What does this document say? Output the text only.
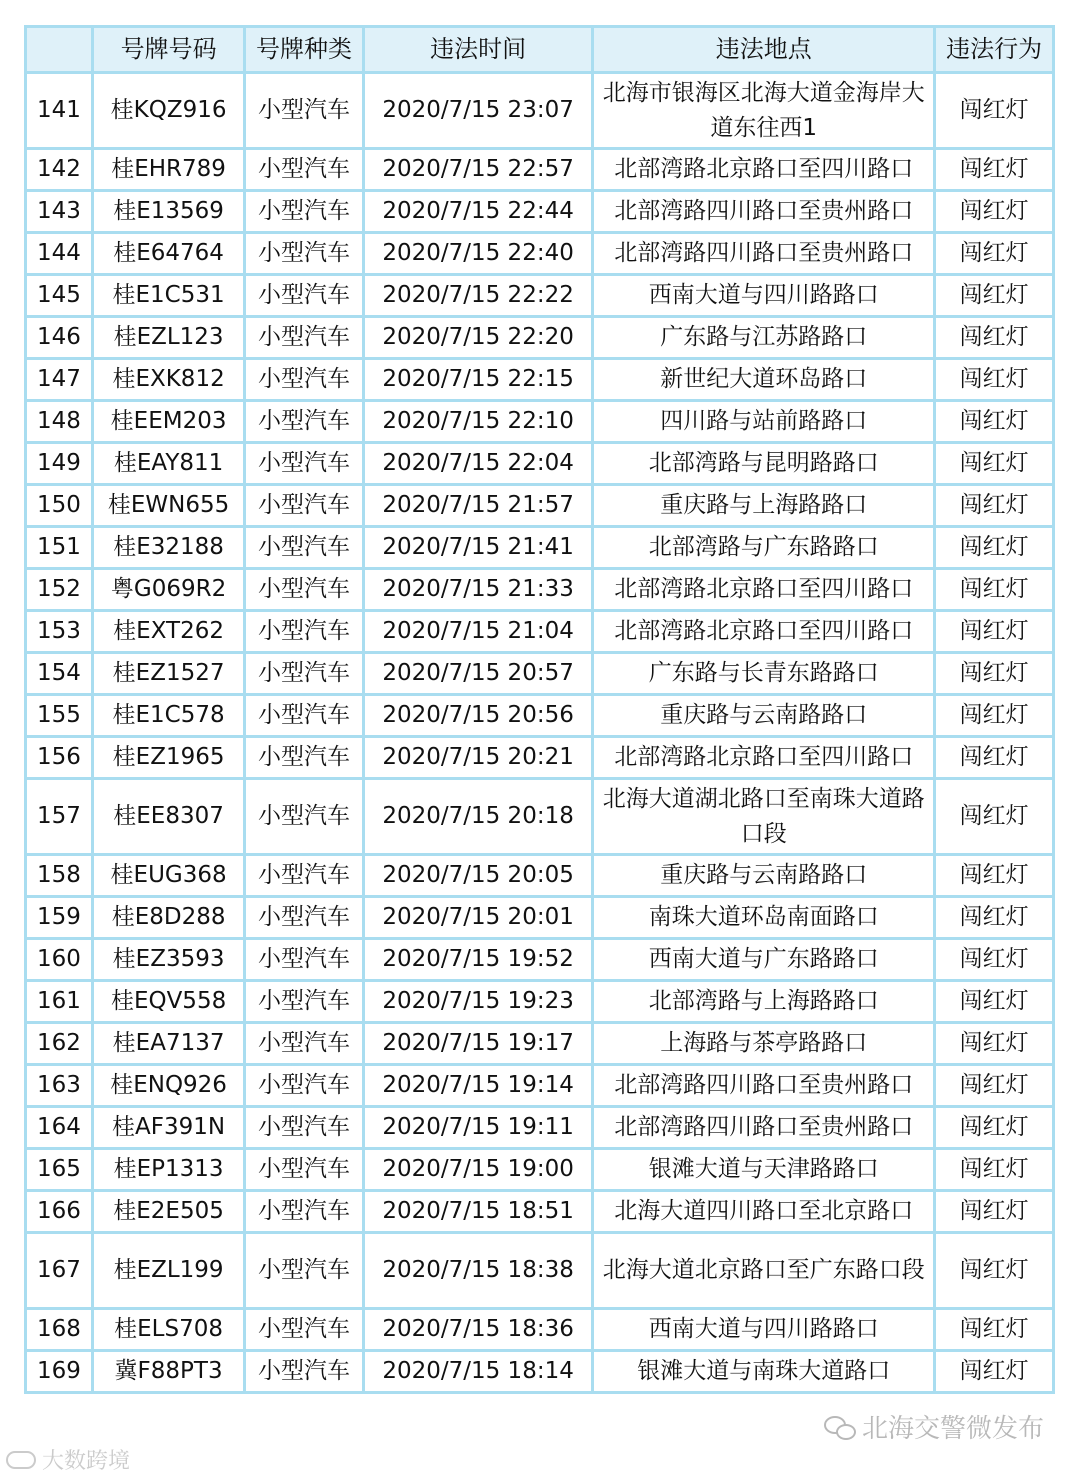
	号牌号码	号牌种类	违法时间	违法地点	违法行为
141	桂KQZ916	小型汽车	2020/7/15 23:07	北海市银海区北海大道金海岸大道东往西1	闯红灯
142	桂EHR789	小型汽车	2020/7/15 22:57	北部湾路北京路口至四川路口	闯红灯
143	桂E13569	小型汽车	2020/7/15 22:44	北部湾路四川路口至贵州路口	闯红灯
144	桂E64764	小型汽车	2020/7/15 22:40	北部湾路四川路口至贵州路口	闯红灯
145	桂E1C531	小型汽车	2020/7/15 22:22	西南大道与四川路路口	闯红灯
146	桂EZL123	小型汽车	2020/7/15 22:20	广东路与江苏路路口	闯红灯
147	桂EXK812	小型汽车	2020/7/15 22:15	新世纪大道环岛路口	闯红灯
148	桂EEM203	小型汽车	2020/7/15 22:10	四川路与站前路路口	闯红灯
149	桂EAY811	小型汽车	2020/7/15 22:04	北部湾路与昆明路路口	闯红灯
150	桂EWN655	小型汽车	2020/7/15 21:57	重庆路与上海路路口	闯红灯
151	桂E32188	小型汽车	2020/7/15 21:41	北部湾路与广东路路口	闯红灯
152	粤G069R2	小型汽车	2020/7/15 21:33	北部湾路北京路口至四川路口	闯红灯
153	桂EXT262	小型汽车	2020/7/15 21:04	北部湾路北京路口至四川路口	闯红灯
154	桂EZ1527	小型汽车	2020/7/15 20:57	广东路与长青东路路口	闯红灯
155	桂E1C578	小型汽车	2020/7/15 20:56	重庆路与云南路路口	闯红灯
156	桂EZ1965	小型汽车	2020/7/15 20:21	北部湾路北京路口至四川路口	闯红灯
157	桂EE8307	小型汽车	2020/7/15 20:18	北海大道湖北路口至南珠大道路口段	闯红灯
158	桂EUG368	小型汽车	2020/7/15 20:05	重庆路与云南路路口	闯红灯
159	桂E8D288	小型汽车	2020/7/15 20:01	南珠大道环岛南面路口	闯红灯
160	桂EZ3593	小型汽车	2020/7/15 19:52	西南大道与广东路路口	闯红灯
161	桂EQV558	小型汽车	2020/7/15 19:23	北部湾路与上海路路口	闯红灯
162	桂EA7137	小型汽车	2020/7/15 19:17	上海路与茶亭路路口	闯红灯
163	桂ENQ926	小型汽车	2020/7/15 19:14	北部湾路四川路口至贵州路口	闯红灯
164	桂AF391N	小型汽车	2020/7/15 19:11	北部湾路四川路口至贵州路口	闯红灯
165	桂EP1313	小型汽车	2020/7/15 19:00	银滩大道与天津路路口	闯红灯
166	桂E2E505	小型汽车	2020/7/15 18:51	北海大道四川路口至北京路口	闯红灯
167	桂EZL199	小型汽车	2020/7/15 18:38	北海大道北京路口至广东路口段	闯红灯
168	桂ELS708	小型汽车	2020/7/15 18:36	西南大道与四川路路口	闯红灯
169	冀F88PT3	小型汽车	2020/7/15 18:14	银滩大道与南珠大道路口	闯红灯
北海交警微发布
大数跨境
